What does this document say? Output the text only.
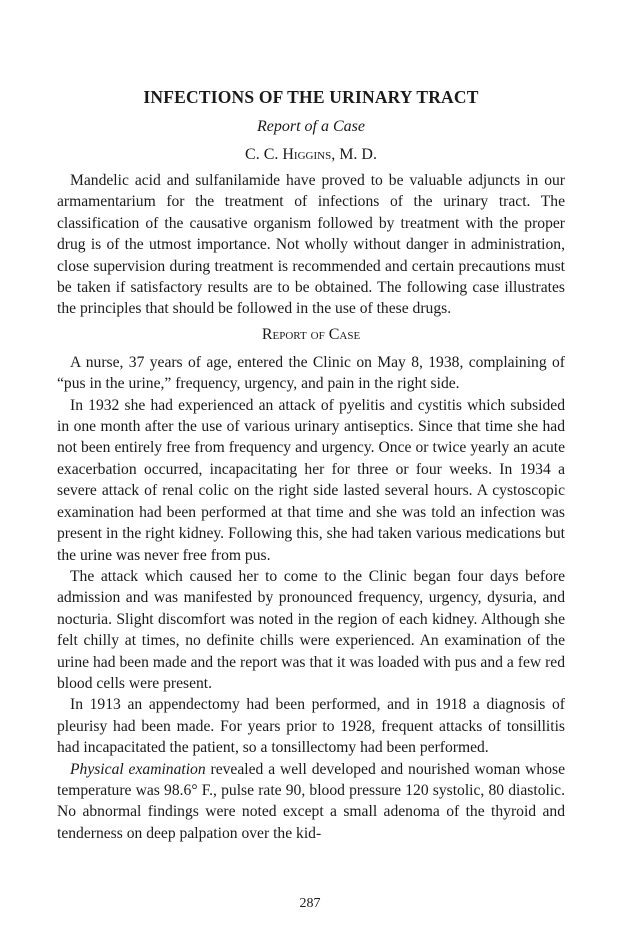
INFECTIONS OF THE URINARY TRACT
Report of a Case
C. C. Higgins, M. D.

Mandelic acid and sulfanilamide have proved to be valuable adjuncts in our armamentarium for the treatment of infections of the urinary tract. The classification of the causative organism followed by treatment with the proper drug is of the utmost importance. Not wholly without danger in administration, close supervision during treatment is recommended and certain precautions must be taken if satisfactory results are to be obtained. The following case illustrates the principles that should be followed in the use of these drugs.

Report of Case

A nurse, 37 years of age, entered the Clinic on May 8, 1938, complaining of “pus in the urine,” frequency, urgency, and pain in the right side.

In 1932 she had experienced an attack of pyelitis and cystitis which subsided in one month after the use of various urinary antiseptics. Since that time she had not been entirely free from frequency and urgency. Once or twice yearly an acute exacerbation occurred, incapacitating her for three or four weeks. In 1934 a severe attack of renal colic on the right side lasted several hours. A cystoscopic examination had been performed at that time and she was told an infection was present in the right kidney. Following this, she had taken various medications but the urine was never free from pus.

The attack which caused her to come to the Clinic began four days before admission and was manifested by pronounced frequency, urgency, dysuria, and nocturia. Slight discomfort was noted in the region of each kidney. Although she felt chilly at times, no definite chills were experienced. An examination of the urine had been made and the report was that it was loaded with pus and a few red blood cells were present.

In 1913 an appendectomy had been performed, and in 1918 a diagnosis of pleurisy had been made. For years prior to 1928, frequent attacks of tonsillitis had incapacitated the patient, so a tonsillectomy had been performed.

Physical examination revealed a well developed and nourished woman whose temperature was 98.6° F., pulse rate 90, blood pressure 120 systolic, 80 diastolic. No abnormal findings were noted except a small adenoma of the thyroid and tenderness on deep palpation over the kid-

287
